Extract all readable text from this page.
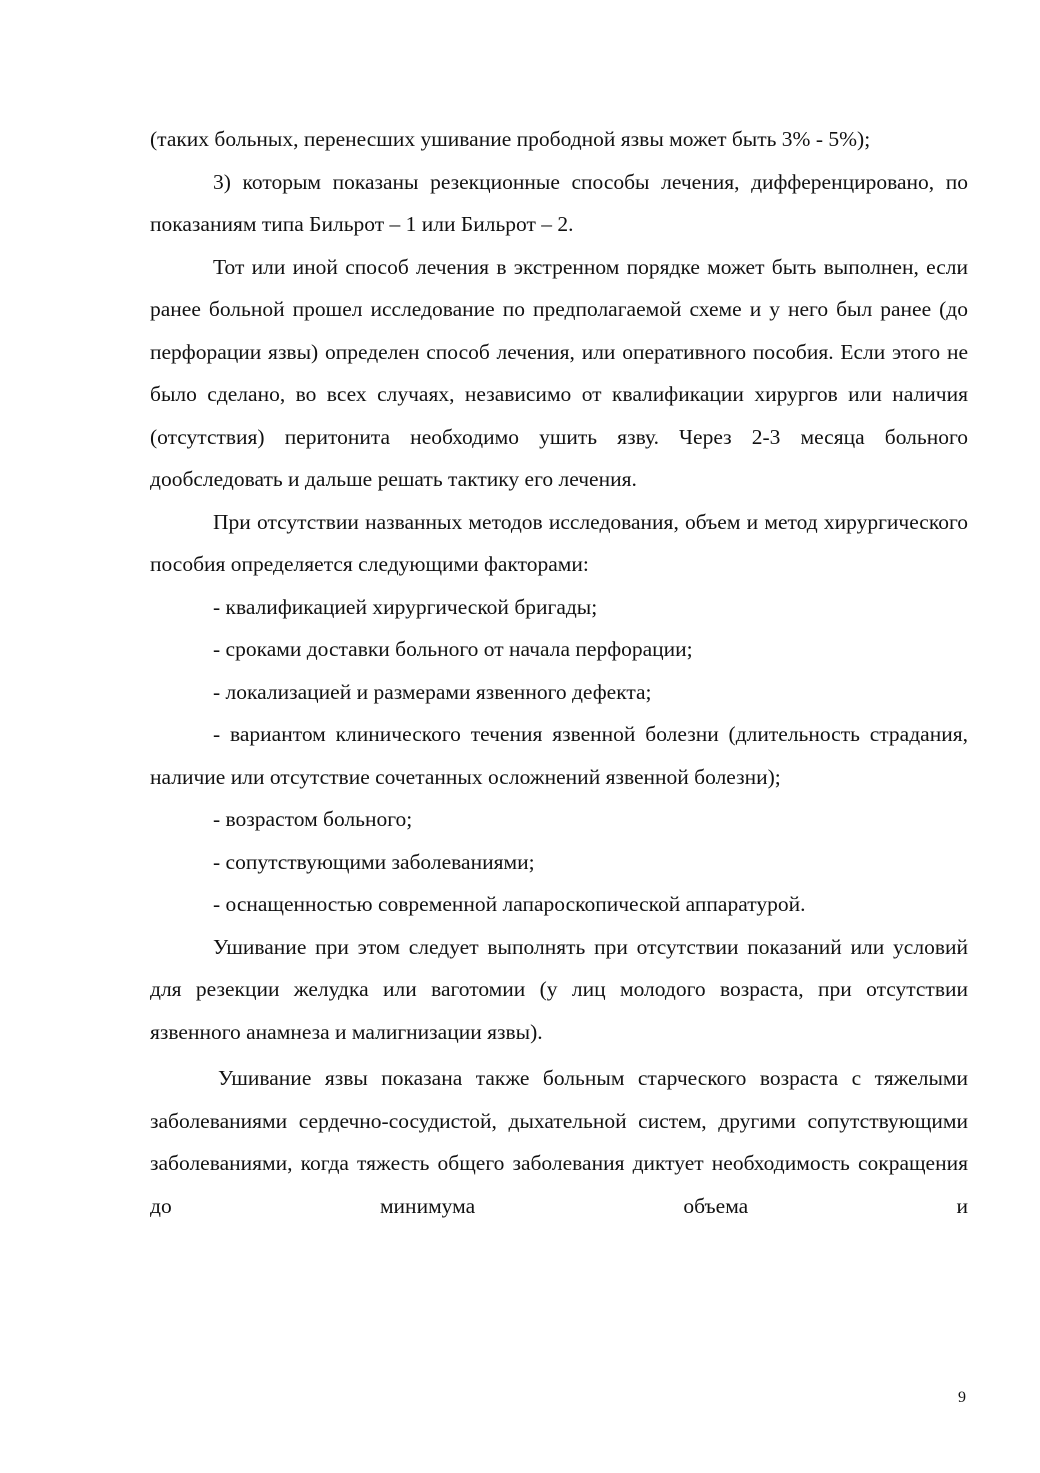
(таких больных, перенесших ушивание прободной язвы может быть 3% - 5%);

3) которым показаны резекционные способы лечения, дифференцировано, по показаниям типа Бильрот – 1 или Бильрот – 2.

Тот или иной способ лечения в экстренном порядке может быть выполнен, если ранее больной прошел исследование по предполагаемой схеме и у него был ранее (до перфорации язвы) определен способ лечения, или оперативного пособия. Если этого не было сделано, во всех случаях, независимо от квалификации хирургов или наличия (отсутствия) перитонита необходимо ушить язву. Через 2-3 месяца больного дообследовать и дальше решать тактику его лечения.

При отсутствии названных методов исследования, объем и метод хирургического пособия определяется следующими факторами:

- квалификацией хирургической бригады;

- сроками доставки больного от начала перфорации;

- локализацией и размерами язвенного дефекта;

- вариантом клинического течения язвенной болезни (длительность страдания, наличие или отсутствие сочетанных осложнений язвенной болезни);

- возрастом больного;

- сопутствующими заболеваниями;

- оснащенностью современной лапароскопической аппаратурой.

Ушивание при этом следует выполнять при отсутствии показаний или условий для резекции желудка или ваготомии (у лиц молодого возраста, при отсутствии язвенного анамнеза и малигнизации язвы).

Ушивание язвы показана также больным старческого возраста с тяжелыми заболеваниями сердечно-сосудистой, дыхательной систем, другими сопутствующими заболеваниями, когда тяжесть общего заболевания диктует необходимость сокращения до минимума объема и

9
